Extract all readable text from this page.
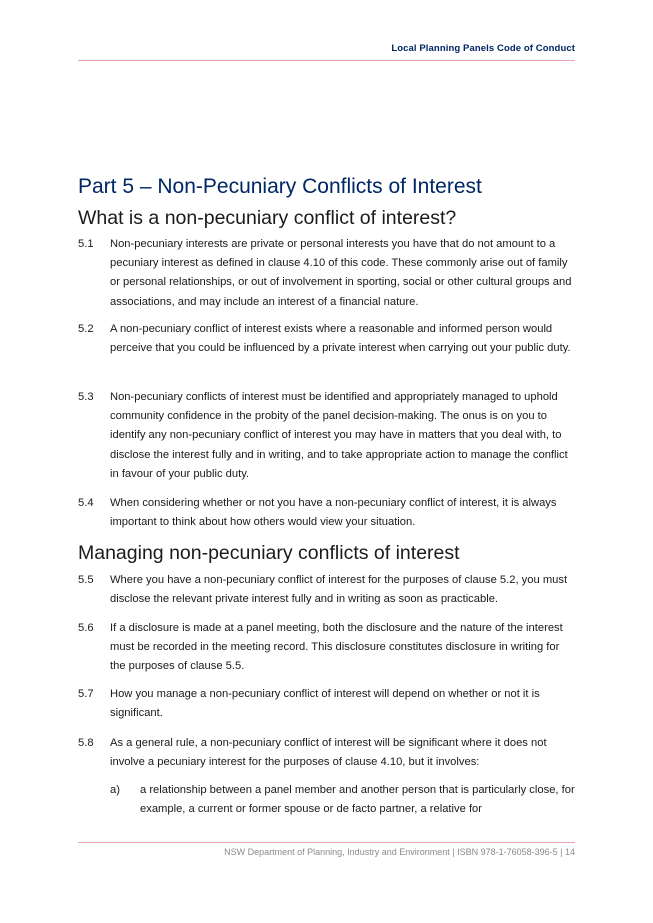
Local Planning Panels Code of Conduct
Part 5 – Non-Pecuniary Conflicts of Interest
What is a non-pecuniary conflict of interest?
5.1 Non-pecuniary interests are private or personal interests you have that do not amount to a pecuniary interest as defined in clause 4.10 of this code. These commonly arise out of family or personal relationships, or out of involvement in sporting, social or other cultural groups and associations, and may include an interest of a financial nature.
5.2 A non-pecuniary conflict of interest exists where a reasonable and informed person would perceive that you could be influenced by a private interest when carrying out your public duty.
5.3 Non-pecuniary conflicts of interest must be identified and appropriately managed to uphold community confidence in the probity of the panel decision-making. The onus is on you to identify any non-pecuniary conflict of interest you may have in matters that you deal with, to disclose the interest fully and in writing, and to take appropriate action to manage the conflict in favour of your public duty.
5.4 When considering whether or not you have a non-pecuniary conflict of interest, it is always important to think about how others would view your situation.
Managing non-pecuniary conflicts of interest
5.5 Where you have a non-pecuniary conflict of interest for the purposes of clause 5.2, you must disclose the relevant private interest fully and in writing as soon as practicable.
5.6 If a disclosure is made at a panel meeting, both the disclosure and the nature of the interest must be recorded in the meeting record. This disclosure constitutes disclosure in writing for the purposes of clause 5.5.
5.7 How you manage a non-pecuniary conflict of interest will depend on whether or not it is significant.
5.8 As a general rule, a non-pecuniary conflict of interest will be significant where it does not involve a pecuniary interest for the purposes of clause 4.10, but it involves:
a) a relationship between a panel member and another person that is particularly close, for example, a current or former spouse or de facto partner, a relative for
NSW Department of Planning, Industry and Environment | ISBN 978-1-76058-396-5 | 14
